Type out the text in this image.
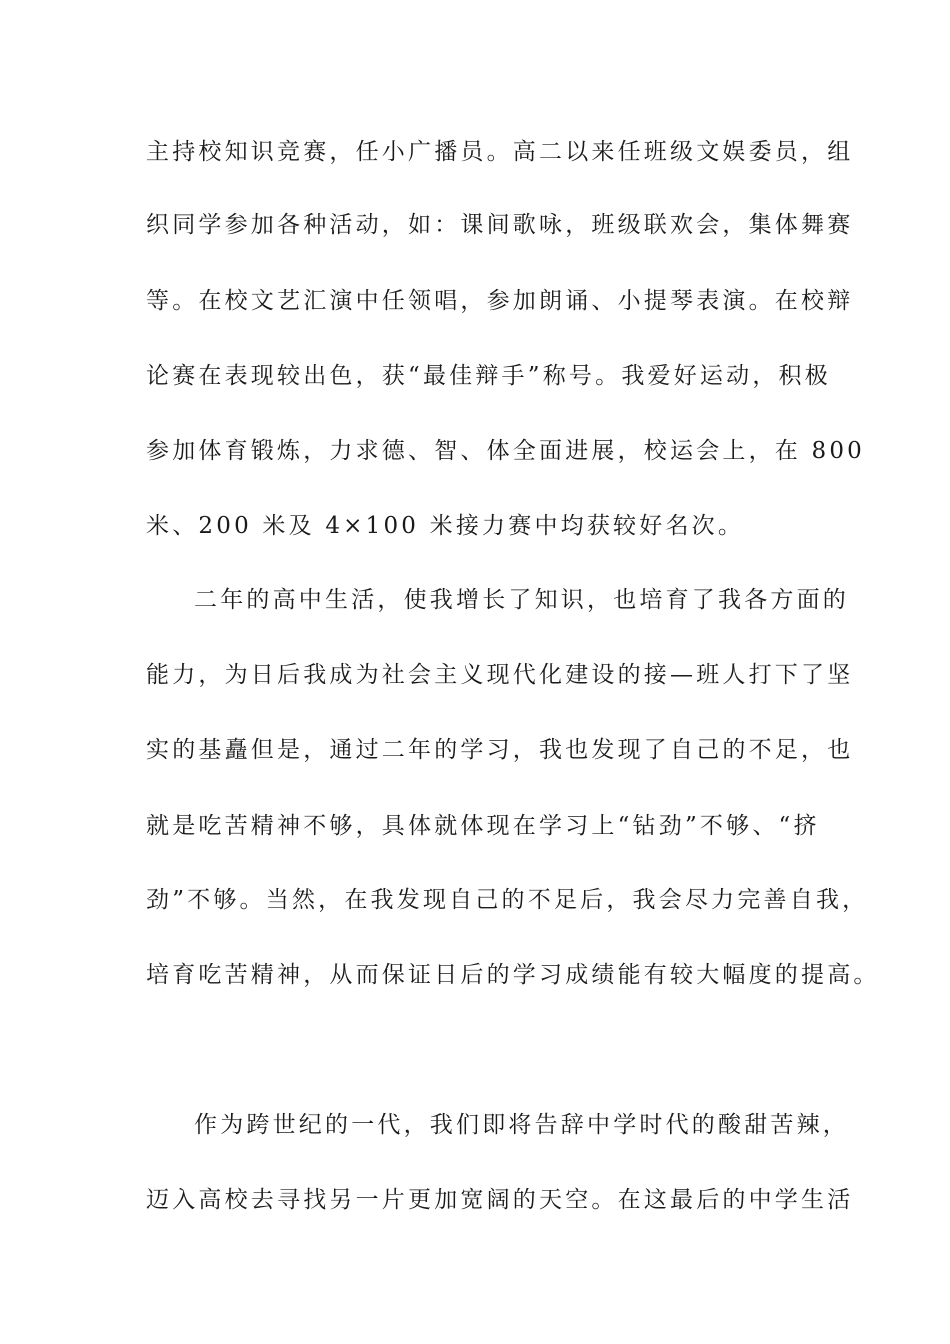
主持校知识竞赛，任小广播员。高二以来任班级文娱委员，组
织同学参加各种活动，如：课间歌咏，班级联欢会，集体舞赛
等。在校文艺汇演中任领唱，参加朗诵、小提琴表演。在校辩
论赛在表现较出色，获“最佳辩手”称号。我爱好运动，积极
参加体育锻炼，力求德、智、体全面进展，校运会上，在 800
米、200 米及 4×100 米接力赛中均获较好名次。
二年的高中生活，使我增长了知识，也培育了我各方面的
能力，为日后我成为社会主义现代化建设的接—班人打下了坚
实的基矗但是，通过二年的学习，我也发现了自己的不足，也
就是吃苦精神不够，具体就体现在学习上“钻劲”不够、“挤
劲”不够。当然，在我发现自己的不足后，我会尽力完善自我，
培育吃苦精神，从而保证日后的学习成绩能有较大幅度的提高。
作为跨世纪的一代，我们即将告辞中学时代的酸甜苦辣，
迈入高校去寻找另一片更加宽阔的天空。在这最后的中学生活
